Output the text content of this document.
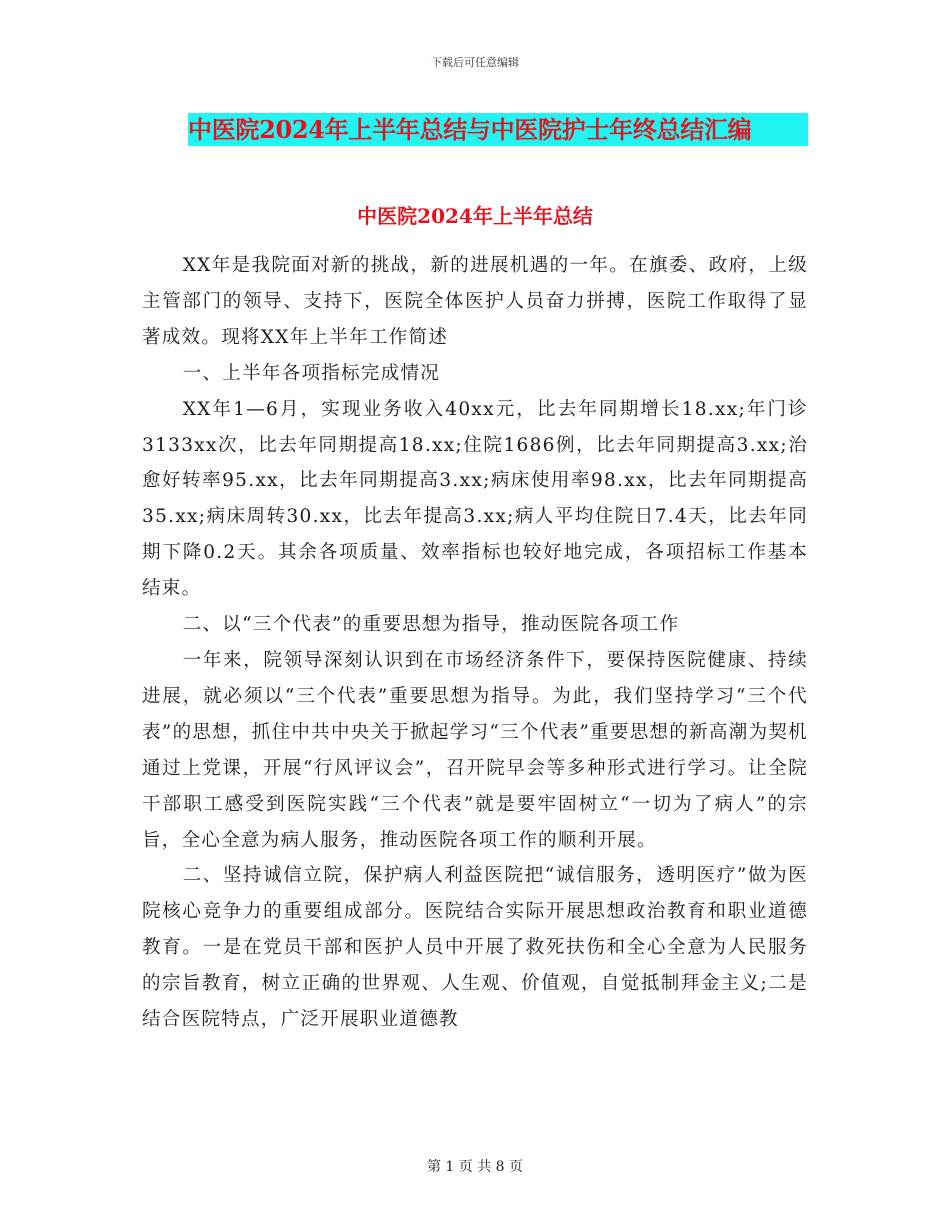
下载后可任意编辑
中医院2024年上半年总结与中医院护士年终总结汇编
中医院2024年上半年总结

XX年是我院面对新的挑战，新的进展机遇的一年。在旗委、政府，上级主管部门的领导、支持下，医院全体医护人员奋力拼搏，医院工作取得了显著成效。现将XX年上半年工作简述

一、上半年各项指标完成情况

XX年1—6月，实现业务收入40xx元，比去年同期增长18.xx;年门诊3133xx次，比去年同期提高18.xx;住院1686例，比去年同期提高3.xx;治愈好转率95.xx，比去年同期提高3.xx;病床使用率98.xx，比去年同期提高35.xx;病床周转30.xx，比去年提高3.xx;病人平均住院日7.4天，比去年同期下降0.2天。其余各项质量、效率指标也较好地完成，各项招标工作基本结束。

二、以“三个代表”的重要思想为指导，推动医院各项工作

一年来，院领导深刻认识到在市场经济条件下，要保持医院健康、持续进展，就必须以“三个代表”重要思想为指导。为此，我们坚持学习“三个代表”的思想，抓住中共中央关于掀起学习“三个代表”重要思想的新高潮为契机通过上党课，开展“行风评议会”，召开院早会等多种形式进行学习。让全院干部职工感受到医院实践“三个代表”就是要牢固树立“一切为了病人”的宗旨，全心全意为病人服务，推动医院各项工作的顺利开展。

二、坚持诚信立院，保护病人利益医院把“诚信服务，透明医疗”做为医院核心竞争力的重要组成部分。医院结合实际开展思想政治教育和职业道德教育。一是在党员干部和医护人员中开展了救死扶伤和全心全意为人民服务的宗旨教育，树立正确的世界观、人生观、价值观，自觉抵制拜金主义;二是结合医院特点，广泛开展职业道德教

第 1 页 共 8 页
